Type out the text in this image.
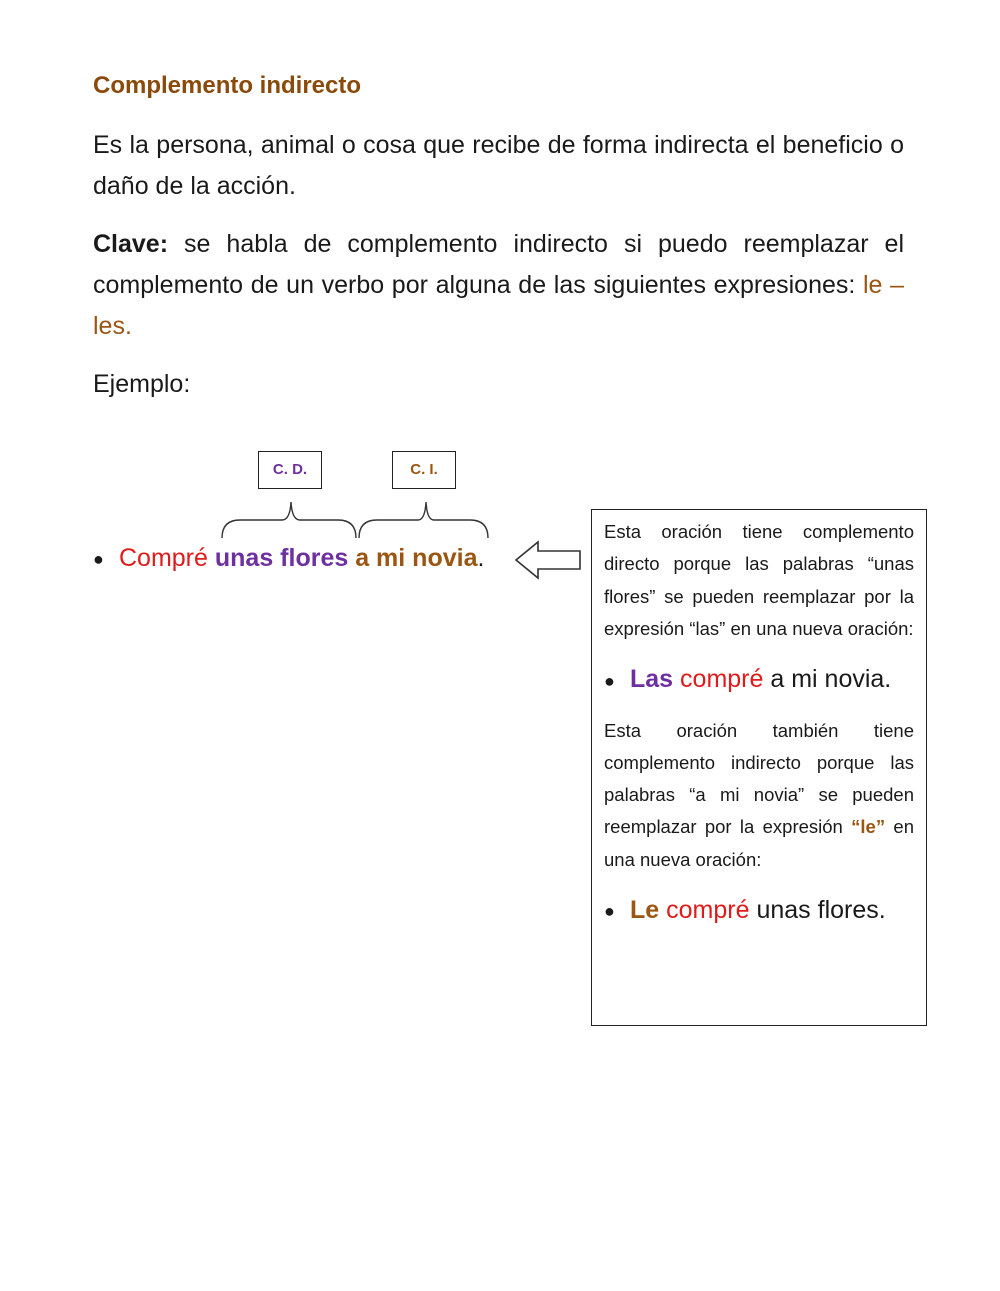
Complemento indirecto

Es la persona, animal o cosa que recibe de forma indirecta el beneficio o daño de la acción.

Clave: se habla de complemento indirecto si puedo reemplazar el complemento de un verbo por alguna de las siguientes expresiones: le – les.

Ejemplo:

C. D.	C. I.
● Compré unas flores a mi novia.

Esta oración tiene complemento directo porque las palabras “unas flores” se pueden reemplazar por la expresión “las” en una nueva oración:

● Las compré a mi novia.

Esta oración también tiene complemento indirecto porque las palabras “a mi novia” se pueden reemplazar por la expresión “le” en una nueva oración:

● Le compré unas flores.
